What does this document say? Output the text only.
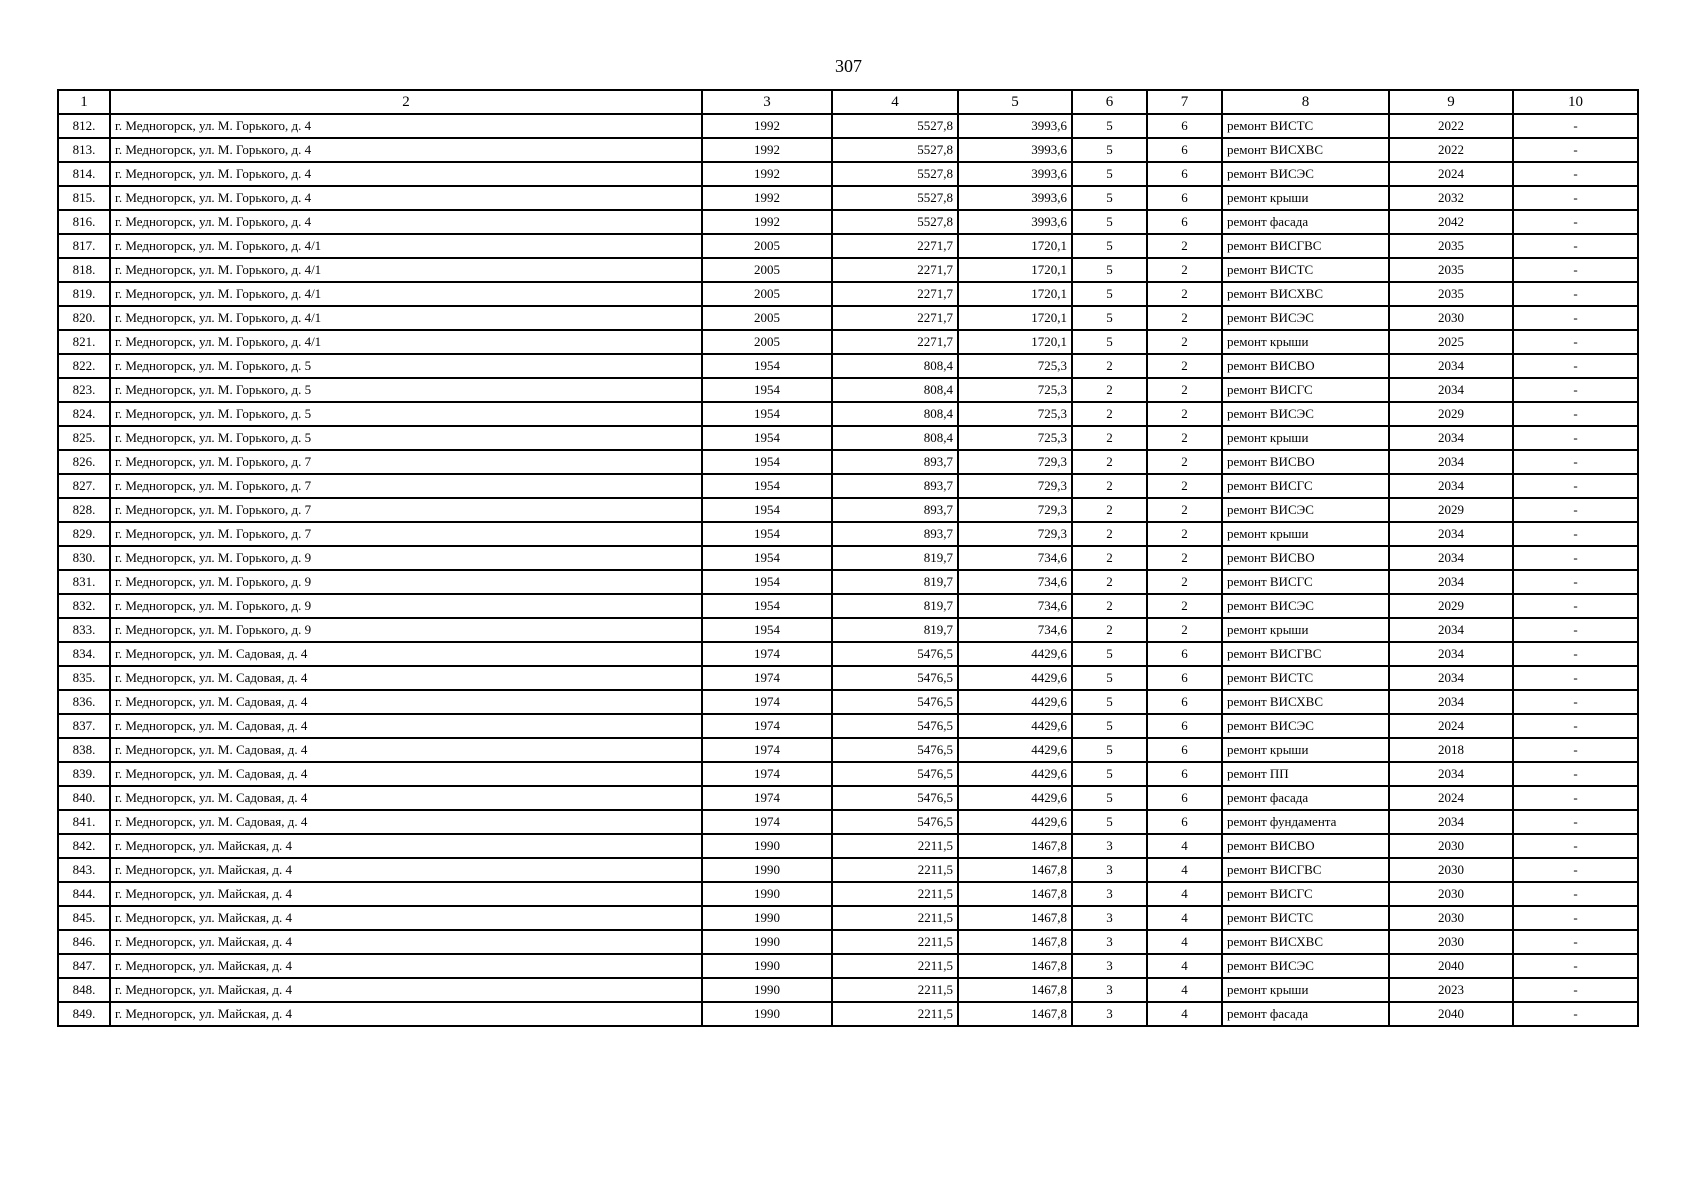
307
1	2	3	4	5	6	7	8	9	10
812.	г. Медногорск, ул. М. Горького, д. 4	1992	5527,8	3993,6	5	6	ремонт ВИСТС	2022	-
813.	г. Медногорск, ул. М. Горького, д. 4	1992	5527,8	3993,6	5	6	ремонт ВИСХВС	2022	-
814.	г. Медногорск, ул. М. Горького, д. 4	1992	5527,8	3993,6	5	6	ремонт ВИСЭС	2024	-
815.	г. Медногорск, ул. М. Горького, д. 4	1992	5527,8	3993,6	5	6	ремонт крыши	2032	-
816.	г. Медногорск, ул. М. Горького, д. 4	1992	5527,8	3993,6	5	6	ремонт фасада	2042	-
817.	г. Медногорск, ул. М. Горького, д. 4/1	2005	2271,7	1720,1	5	2	ремонт ВИСГВС	2035	-
818.	г. Медногорск, ул. М. Горького, д. 4/1	2005	2271,7	1720,1	5	2	ремонт ВИСТС	2035	-
819.	г. Медногорск, ул. М. Горького, д. 4/1	2005	2271,7	1720,1	5	2	ремонт ВИСХВС	2035	-
820.	г. Медногорск, ул. М. Горького, д. 4/1	2005	2271,7	1720,1	5	2	ремонт ВИСЭС	2030	-
821.	г. Медногорск, ул. М. Горького, д. 4/1	2005	2271,7	1720,1	5	2	ремонт крыши	2025	-
822.	г. Медногорск, ул. М. Горького, д. 5	1954	808,4	725,3	2	2	ремонт ВИСВО	2034	-
823.	г. Медногорск, ул. М. Горького, д. 5	1954	808,4	725,3	2	2	ремонт ВИСГС	2034	-
824.	г. Медногорск, ул. М. Горького, д. 5	1954	808,4	725,3	2	2	ремонт ВИСЭС	2029	-
825.	г. Медногорск, ул. М. Горького, д. 5	1954	808,4	725,3	2	2	ремонт крыши	2034	-
826.	г. Медногорск, ул. М. Горького, д. 7	1954	893,7	729,3	2	2	ремонт ВИСВО	2034	-
827.	г. Медногорск, ул. М. Горького, д. 7	1954	893,7	729,3	2	2	ремонт ВИСГС	2034	-
828.	г. Медногорск, ул. М. Горького, д. 7	1954	893,7	729,3	2	2	ремонт ВИСЭС	2029	-
829.	г. Медногорск, ул. М. Горького, д. 7	1954	893,7	729,3	2	2	ремонт крыши	2034	-
830.	г. Медногорск, ул. М. Горького, д. 9	1954	819,7	734,6	2	2	ремонт ВИСВО	2034	-
831.	г. Медногорск, ул. М. Горького, д. 9	1954	819,7	734,6	2	2	ремонт ВИСГС	2034	-
832.	г. Медногорск, ул. М. Горького, д. 9	1954	819,7	734,6	2	2	ремонт ВИСЭС	2029	-
833.	г. Медногорск, ул. М. Горького, д. 9	1954	819,7	734,6	2	2	ремонт крыши	2034	-
834.	г. Медногорск, ул. М. Садовая, д. 4	1974	5476,5	4429,6	5	6	ремонт ВИСГВС	2034	-
835.	г. Медногорск, ул. М. Садовая, д. 4	1974	5476,5	4429,6	5	6	ремонт ВИСТС	2034	-
836.	г. Медногорск, ул. М. Садовая, д. 4	1974	5476,5	4429,6	5	6	ремонт ВИСХВС	2034	-
837.	г. Медногорск, ул. М. Садовая, д. 4	1974	5476,5	4429,6	5	6	ремонт ВИСЭС	2024	-
838.	г. Медногорск, ул. М. Садовая, д. 4	1974	5476,5	4429,6	5	6	ремонт крыши	2018	-
839.	г. Медногорск, ул. М. Садовая, д. 4	1974	5476,5	4429,6	5	6	ремонт ПП	2034	-
840.	г. Медногорск, ул. М. Садовая, д. 4	1974	5476,5	4429,6	5	6	ремонт фасада	2024	-
841.	г. Медногорск, ул. М. Садовая, д. 4	1974	5476,5	4429,6	5	6	ремонт фундамента	2034	-
842.	г. Медногорск, ул. Майская, д. 4	1990	2211,5	1467,8	3	4	ремонт ВИСВО	2030	-
843.	г. Медногорск, ул. Майская, д. 4	1990	2211,5	1467,8	3	4	ремонт ВИСГВС	2030	-
844.	г. Медногорск, ул. Майская, д. 4	1990	2211,5	1467,8	3	4	ремонт ВИСГС	2030	-
845.	г. Медногорск, ул. Майская, д. 4	1990	2211,5	1467,8	3	4	ремонт ВИСТС	2030	-
846.	г. Медногорск, ул. Майская, д. 4	1990	2211,5	1467,8	3	4	ремонт ВИСХВС	2030	-
847.	г. Медногорск, ул. Майская, д. 4	1990	2211,5	1467,8	3	4	ремонт ВИСЭС	2040	-
848.	г. Медногорск, ул. Майская, д. 4	1990	2211,5	1467,8	3	4	ремонт крыши	2023	-
849.	г. Медногорск, ул. Майская, д. 4	1990	2211,5	1467,8	3	4	ремонт фасада	2040	-
